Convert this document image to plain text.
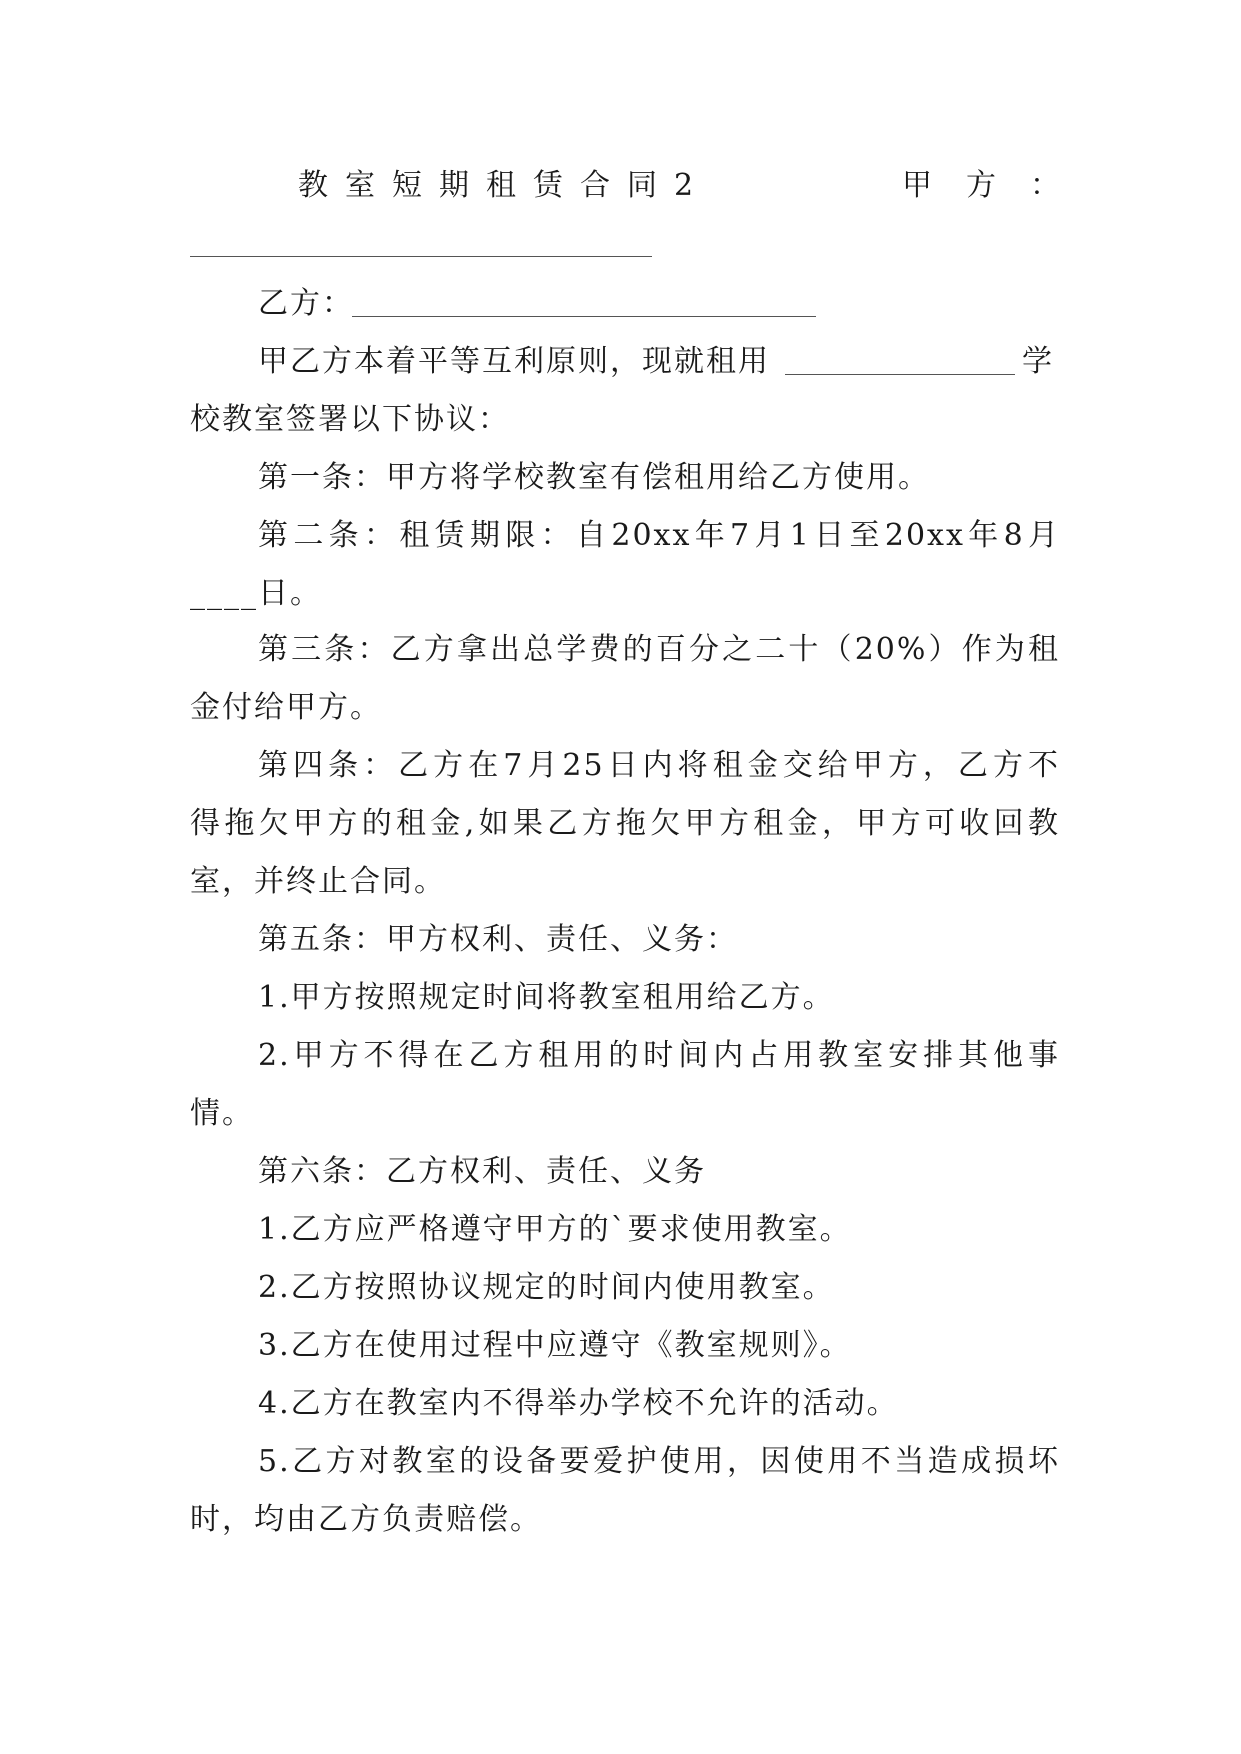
教室短期租赁合同2	甲方：
乙方：
甲乙方本着平等互利原则，现就租用	学
校教室签署以下协议：
第一条：甲方将学校教室有偿租用给乙方使用。
第二条：租赁期限：自20xx年7月1日至20xx年8月
____日。
第三条：乙方拿出总学费的百分之二十（20%）作为租
金付给甲方。
第四条：乙方在7月25日内将租金交给甲方，乙方不
得拖欠甲方的租金,如果乙方拖欠甲方租金，甲方可收回教
室，并终止合同。
第五条：甲方权利、责任、义务：
1.甲方按照规定时间将教室租用给乙方。
2.甲方不得在乙方租用的时间内占用教室安排其他事
情。
第六条：乙方权利、责任、义务
1.乙方应严格遵守甲方的`要求使用教室。
2.乙方按照协议规定的时间内使用教室。
3.乙方在使用过程中应遵守《教室规则》。
4.乙方在教室内不得举办学校不允许的活动。
5.乙方对教室的设备要爱护使用，因使用不当造成损坏
时，均由乙方负责赔偿。
